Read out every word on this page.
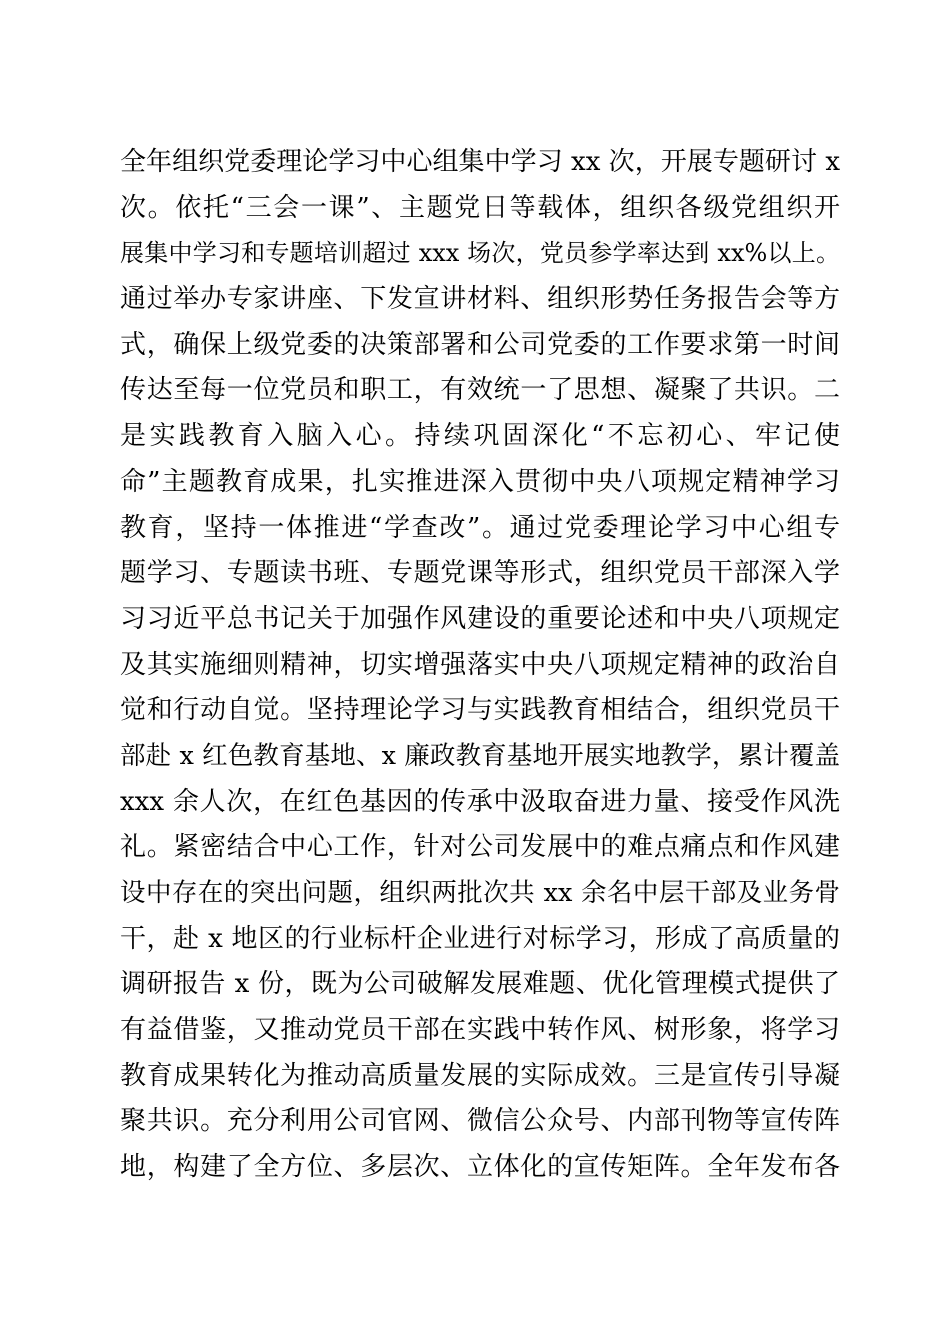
全年组织党委理论学习中心组集中学习 xx 次，开展专题研讨 x
次。依托“三会一课”、主题党日等载体，组织各级党组织开
展集中学习和专题培训超过 xxx 场次，党员参学率达到 xx%以上。
通过举办专家讲座、下发宣讲材料、组织形势任务报告会等方
式，确保上级党委的决策部署和公司党委的工作要求第一时间
传达至每一位党员和职工，有效统一了思想、凝聚了共识。二
是实践教育入脑入心。持续巩固深化“不忘初心、牢记使
命”主题教育成果，扎实推进深入贯彻中央八项规定精神学习
教育，坚持一体推进“学查改”。通过党委理论学习中心组专
题学习、专题读书班、专题党课等形式，组织党员干部深入学
习习近平总书记关于加强作风建设的重要论述和中央八项规定
及其实施细则精神，切实增强落实中央八项规定精神的政治自
觉和行动自觉。坚持理论学习与实践教育相结合，组织党员干
部赴 x 红色教育基地、x 廉政教育基地开展实地教学，累计覆盖
xxx 余人次，在红色基因的传承中汲取奋进力量、接受作风洗
礼。紧密结合中心工作，针对公司发展中的难点痛点和作风建
设中存在的突出问题，组织两批次共 xx 余名中层干部及业务骨
干，赴 x 地区的行业标杆企业进行对标学习，形成了高质量的
调研报告 x 份，既为公司破解发展难题、优化管理模式提供了
有益借鉴，又推动党员干部在实践中转作风、树形象，将学习
教育成果转化为推动高质量发展的实际成效。三是宣传引导凝
聚共识。充分利用公司官网、微信公众号、内部刊物等宣传阵
地，构建了全方位、多层次、立体化的宣传矩阵。全年发布各
